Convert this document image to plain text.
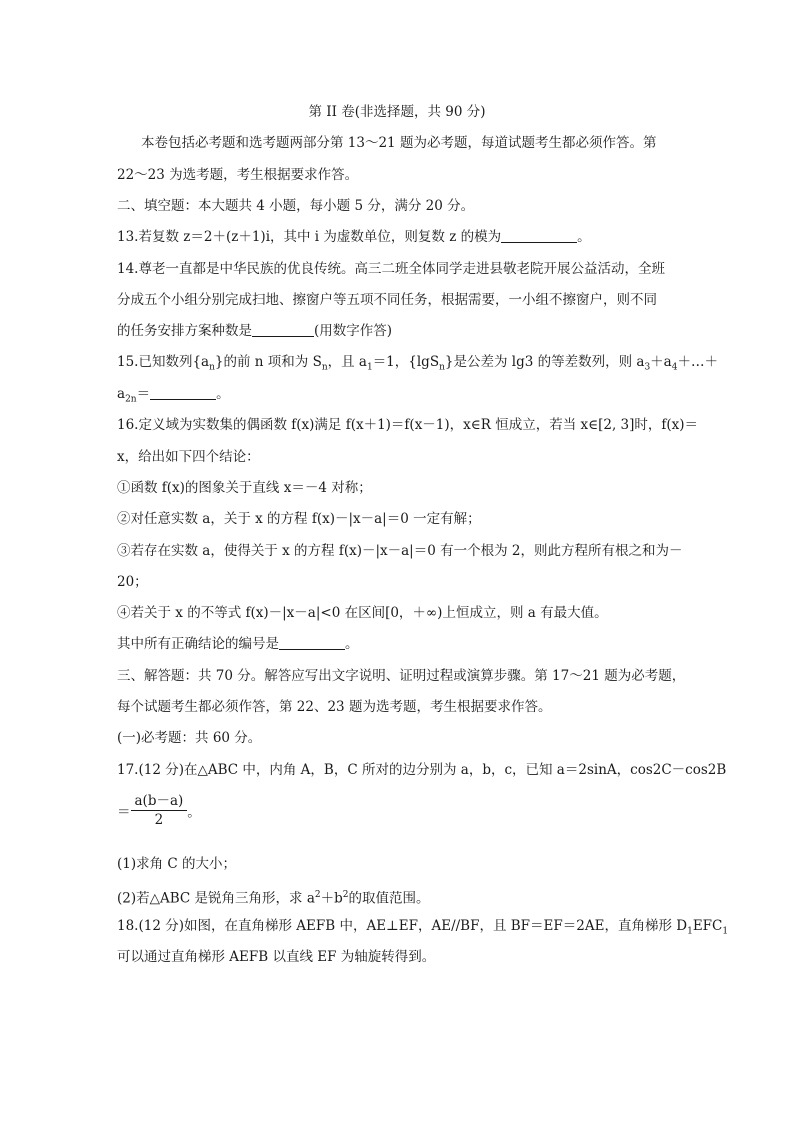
第 II 卷(非选择题，共 90 分)
本卷包括必考题和选考题两部分第 13～21 题为必考题，每道试题考生都必须作答。第
22～23 为选考题，考生根据要求作答。
二、填空题：本大题共 4 小题，每小题 5 分，满分 20 分。
13.若复数 z＝2＋(z＋1)i，其中 i 为虚数单位，则复数 z 的模为	。
14.尊老一直都是中华民族的优良传统。高三二班全体同学走进县敬老院开展公益活动，全班
分成五个小组分别完成扫地、擦窗户等五项不同任务，根据需要，一小组不擦窗户，则不同
的任务安排方案种数是	(用数字作答)
15.已知数列$\{a_n\}$的前 n 项和为 $S_n$，且 $a_1=1$，{lgS$_n$}是公差为 lg3 的等差数列，则 $a_3+a_4+\dots+$
$a_{2n}=$	。
16.定义域为实数集的偶函数 f(x)满足 f(x＋1)＝f(x－1)，x∈R 恒成立，若当 x∈[2, 3]时，f(x)＝
x，给出如下四个结论：
①函数 f(x)的图象关于直线 x＝－4 对称；
②对任意实数 a，关于 x 的方程 f(x)－|x－a|＝0 一定有解；
③若存在实数 a，使得关于 x 的方程 f(x)－|x－a|＝0 有一个根为 2，则此方程所有根之和为－
20；
④若关于 x 的不等式 f(x)－|x－a|<0 在区间[0，＋∞)上恒成立，则 a 有最大值。
其中所有正确结论的编号是	。
三、解答题：共 70 分。解答应写出文字说明、证明过程或演算步骤。第 17～21 题为必考题，
每个试题考生都必须作答，第 22、23 题为选考题，考生根据要求作答。
(一)必考题：共 60 分。
17.(12 分)在△ABC 中，内角 A，B，C 所对的边分别为 a，b，c，已知 a＝2sinA，cos2C－cos2B
＝ $\frac{a(b-a)}{2}$ 。
(1)求角 C 的大小；
(2)若△ABC 是锐角三角形，求 $a^2+b^2$的取值范围。
18.(12 分)如图，在直角梯形 AEFB 中，AE⊥EF，AE//BF，且 BF＝EF＝2AE，直角梯形 $D_1EFC_1$
可以通过直角梯形 AEFB 以直线 EF 为轴旋转得到。
